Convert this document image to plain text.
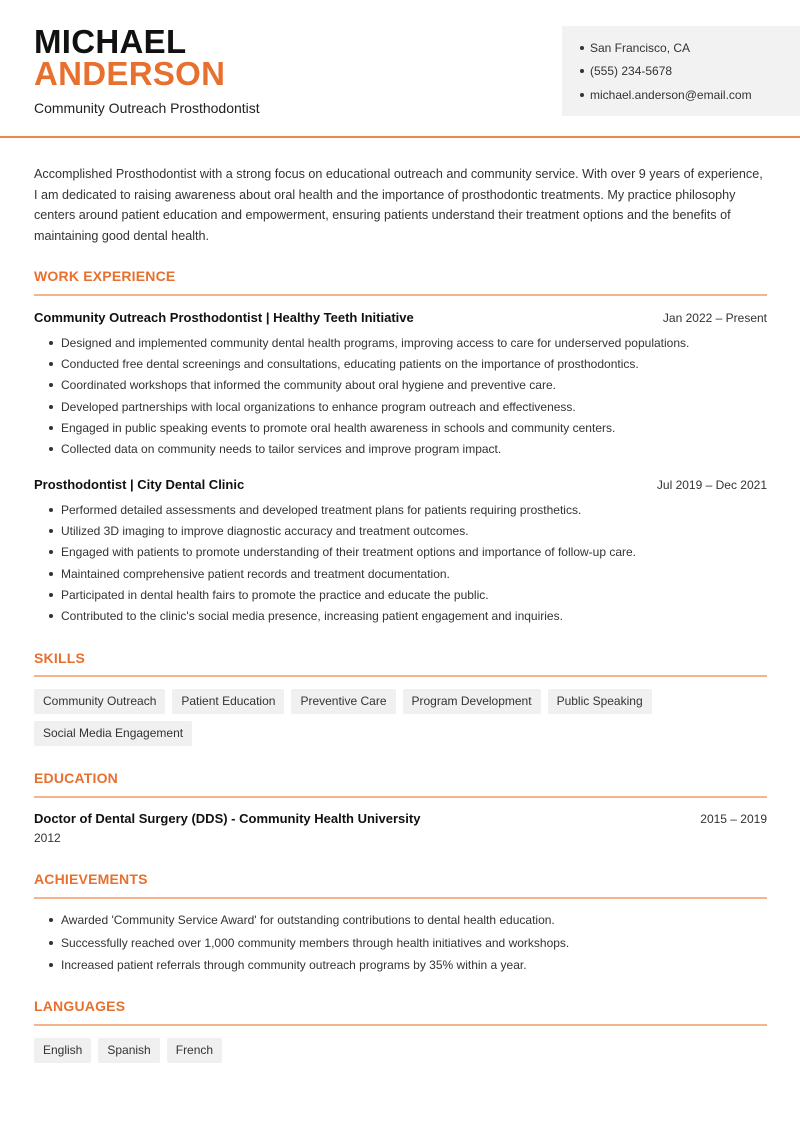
MICHAEL
ANDERSON
Community Outreach Prosthodontist
San Francisco, CA
(555) 234-5678
michael.anderson@email.com

Accomplished Prosthodontist with a strong focus on educational outreach and community service. With over 9 years of experience, I am dedicated to raising awareness about oral health and the importance of prosthodontic treatments. My practice philosophy centers around patient education and empowerment, ensuring patients understand their treatment options and the benefits of maintaining good dental health.

WORK EXPERIENCE
Community Outreach Prosthodontist | Healthy Teeth Initiative	Jan 2022 – Present
Designed and implemented community dental health programs, improving access to care for underserved populations.
Conducted free dental screenings and consultations, educating patients on the importance of prosthodontics.
Coordinated workshops that informed the community about oral hygiene and preventive care.
Developed partnerships with local organizations to enhance program outreach and effectiveness.
Engaged in public speaking events to promote oral health awareness in schools and community centers.
Collected data on community needs to tailor services and improve program impact.
Prosthodontist | City Dental Clinic	Jul 2019 – Dec 2021
Performed detailed assessments and developed treatment plans for patients requiring prosthetics.
Utilized 3D imaging to improve diagnostic accuracy and treatment outcomes.
Engaged with patients to promote understanding of their treatment options and importance of follow-up care.
Maintained comprehensive patient records and treatment documentation.
Participated in dental health fairs to promote the practice and educate the public.
Contributed to the clinic's social media presence, increasing patient engagement and inquiries.
SKILLS
Community Outreach	Patient Education	Preventive Care	Program Development	Public Speaking
Social Media Engagement
EDUCATION
Doctor of Dental Surgery (DDS) - Community Health University	2015 – 2019
2012
ACHIEVEMENTS
Awarded 'Community Service Award' for outstanding contributions to dental health education.
Successfully reached over 1,000 community members through health initiatives and workshops.
Increased patient referrals through community outreach programs by 35% within a year.
LANGUAGES
English	Spanish	French
